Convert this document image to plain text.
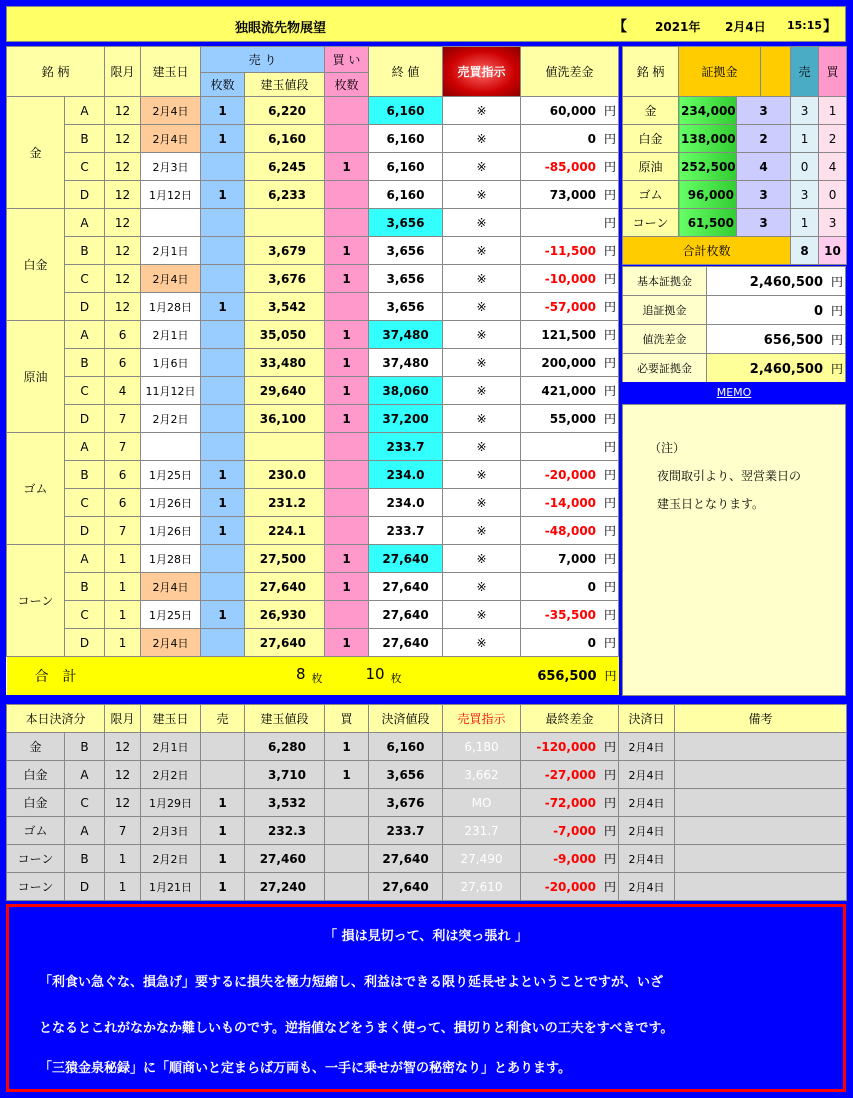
独眼流先物展望	【 2021年 2月4日 15:15 】
銘 柄		限月	建玉日	売 り		買 い	終 値	売買指示	値洗差金
				枚数	建玉値段	枚数			
金	A	12	2月4日	1	6,220		6,160	※	60,000 円
	B	12	2月4日	1	6,160		6,160	※	0 円
	C	12	2月3日		6,245	1	6,160	※	-85,000 円
	D	12	1月12日	1	6,233		6,160	※	73,000 円
白金	A	12					3,656	※	円
	B	12	2月1日		3,679	1	3,656	※	-11,500 円
	C	12	2月4日		3,676	1	3,656	※	-10,000 円
	D	12	1月28日	1	3,542		3,656	※	-57,000 円
原油	A	6	2月1日		35,050	1	37,480	※	121,500 円
	B	6	1月6日		33,480	1	37,480	※	200,000 円
	C	4	11月12日		29,640	1	38,060	※	421,000 円
	D	7	2月2日		36,100	1	37,200	※	55,000 円
ゴム	A	7					233.7	※	円
	B	6	1月25日	1	230.0		234.0	※	-20,000 円
	C	6	1月26日	1	231.2		234.0	※	-14,000 円
	D	7	1月26日	1	224.1		233.7	※	-48,000 円
コーン	A	1	1月28日		27,500	1	27,640	※	7,000 円
	B	1	2月4日		27,640	1	27,640	※	0 円
	C	1	1月25日	1	26,930		27,640	※	-35,500 円
	D	1	2月4日		27,640	1	27,640	※	0 円
合　計					8 $_枚$	10 $_枚$			656,500 円
銘 柄	証拠金			売	買
金	234,000	3		3	1
白金	138,000	2		1	2
原油	252,500	4		0	4
ゴム	96,000	3		3	0
コーン	61,500	3		1	3
合計枚数				8	10
基本証拠金	2,460,500 円
追証拠金	0 円
値洗差金	656,500 円
必要証拠金	2,460,500 円
MEMO
（注）
夜間取引より、翌営業日の
建玉日となります。
本日決済分		限月	建玉日	売	建玉値段	買	決済値段	売買指示	最終差金	決済日	備考
金	B	12	2月1日		6,280	1	6,160	6,180	-120,000 円	2月4日	
白金	A	12	2月2日		3,710	1	3,656	3,662	-27,000 円	2月4日	
白金	C	12	1月29日	1	3,532		3,676	MO	-72,000 円	2月4日	
ゴム	A	7	2月3日	1	232.3		233.7	231.7	-7,000 円	2月4日	
コーン	B	1	2月2日	1	27,460		27,640	27,490	-9,000 円	2月4日	
コーン	D	1	1月21日	1	27,240		27,640	27,610	-20,000 円	2月4日	
「 損は見切って、利は突っ張れ 」
「利食い急ぐな、損急げ」要するに損失を極力短縮し、利益はできる限り延長せよということですが、いざ
となるとこれがなかなか難しいものです。逆指値などをうまく使って、損切りと利食いの工夫をすべきです。
「三猿金泉秘録」に「順商いと定まらば万両も、一手に乗せが智の秘密なり」とあります。
